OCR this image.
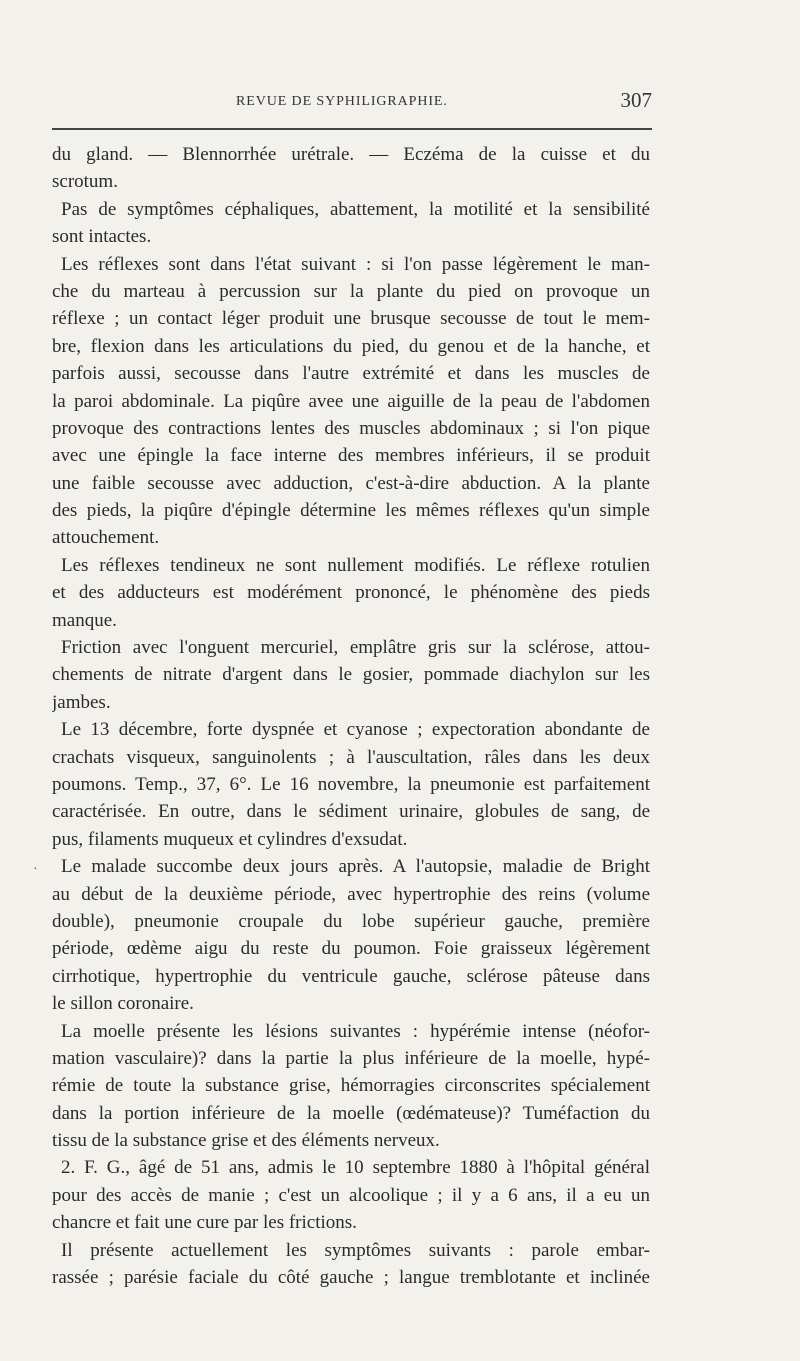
REVUE DE SYPHILIGRAPHIE.	307
·
du gland. — Blennorrhée urétrale. — Eczéma de la cuisse et du
scrotum.
Pas de symptômes céphaliques, abattement, la motilité et la sensibilité
sont intactes.
Les réflexes sont dans l'état suivant : si l'on passe légèrement le man-
che du marteau à percussion sur la plante du pied on provoque un
réflexe ; un contact léger produit une brusque secousse de tout le mem-
bre, flexion dans les articulations du pied, du genou et de la hanche, et
parfois aussi, secousse dans l'autre extrémité et dans les muscles de
la paroi abdominale. La piqûre avee une aiguille de la peau de l'abdomen
provoque des contractions lentes des muscles abdominaux ; si l'on pique
avec une épingle la face interne des membres inférieurs, il se produit
une faible secousse avec adduction, c'est-à-dire abduction. A la plante
des pieds, la piqûre d'épingle détermine les mêmes réflexes qu'un simple
attouchement.
Les réflexes tendineux ne sont nullement modifiés. Le réflexe rotulien
et des adducteurs est modérément prononcé, le phénomène des pieds
manque.
Friction avec l'onguent mercuriel, emplâtre gris sur la sclérose, attou-
chements de nitrate d'argent dans le gosier, pommade diachylon sur les
jambes.
Le 13 décembre, forte dyspnée et cyanose ; expectoration abondante de
crachats visqueux, sanguinolents ; à l'auscultation, râles dans les deux
poumons. Temp., 37, 6°. Le 16 novembre, la pneumonie est parfaitement
caractérisée. En outre, dans le sédiment urinaire, globules de sang, de
pus, filaments muqueux et cylindres d'exsudat.
Le malade succombe deux jours après. A l'autopsie, maladie de Bright
au début de la deuxième période, avec hypertrophie des reins (volume
double), pneumonie croupale du lobe supérieur gauche, première
période, œdème aigu du reste du poumon. Foie graisseux légèrement
cirrhotique, hypertrophie du ventricule gauche, sclérose pâteuse dans
le sillon coronaire.
La moelle présente les lésions suivantes : hypérémie intense (néofor-
mation vasculaire)? dans la partie la plus inférieure de la moelle, hypé-
rémie de toute la substance grise, hémorragies circonscrites spécialement
dans la portion inférieure de la moelle (œdémateuse)? Tuméfaction du
tissu de la substance grise et des éléments nerveux.
2. F. G., âgé de 51 ans, admis le 10 septembre 1880 à l'hôpital général
pour des accès de manie ; c'est un alcoolique ; il y a 6 ans, il a eu un
chancre et fait une cure par les frictions.
Il présente actuellement les symptômes suivants : parole embar-
rassée ; parésie faciale du côté gauche ; langue tremblotante et inclinée
